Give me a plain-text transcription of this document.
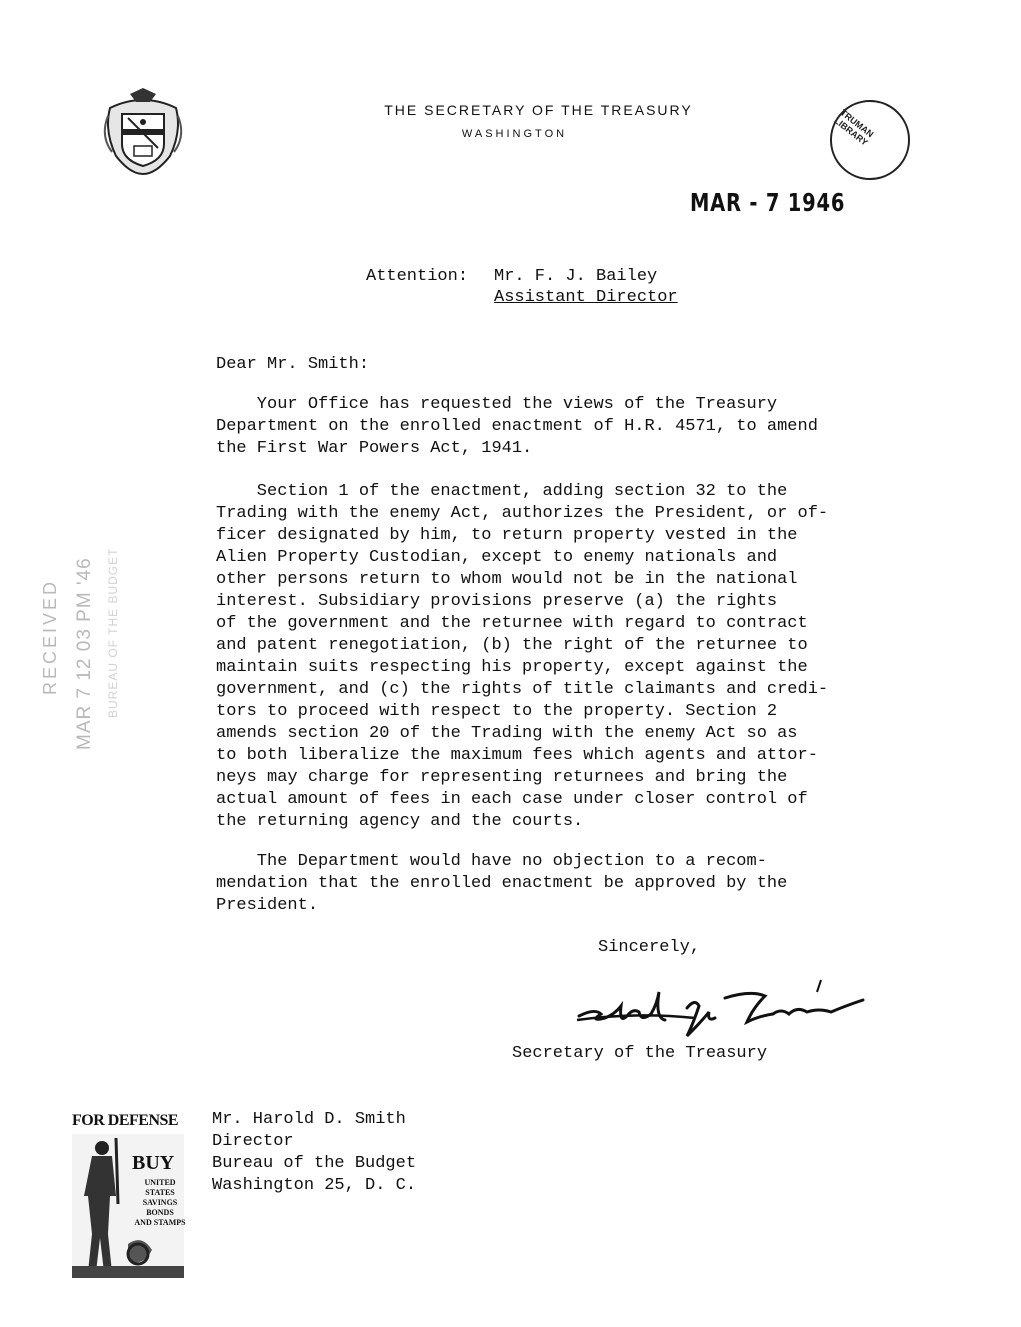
THE SECRETARY OF THE TREASURY
WASHINGTON	TRUMAN LIBRARY
MAR - 7 1946
RECEIVED MAR 7 12 03 PM '46 BUREAU OF THE BUDGET
Attention: Mr. F. J. Bailey
Assistant Director
Dear Mr. Smith:

Your Office has requested the views of the Treasury
Department on the enrolled enactment of H.R. 4571, to amend
the First War Powers Act, 1941.

Section 1 of the enactment, adding section 32 to the
Trading with the enemy Act, authorizes the President, or of-
ficer designated by him, to return property vested in the
Alien Property Custodian, except to enemy nationals and
other persons return to whom would not be in the national
interest. Subsidiary provisions preserve (a) the rights
of the government and the returnee with regard to contract
and patent renegotiation, (b) the right of the returnee to
maintain suits respecting his property, except against the
government, and (c) the rights of title claimants and credi-
tors to proceed with respect to the property. Section 2
amends section 20 of the Trading with the enemy Act so as
to both liberalize the maximum fees which agents and attor-
neys may charge for representing returnees and bring the
actual amount of fees in each case under closer control of
the returning agency and the courts.

The Department would have no objection to a recom-
mendation that the enrolled enactment be approved by the
President.

Sincerely,
Secretary of the Treasury

Mr. Harold D. Smith
Director
Bureau of the Budget
Washington 25, D. C.

FOR DEFENSE
BUY
UNITED
STATES
SAVINGS
BONDS
AND STAMPS
